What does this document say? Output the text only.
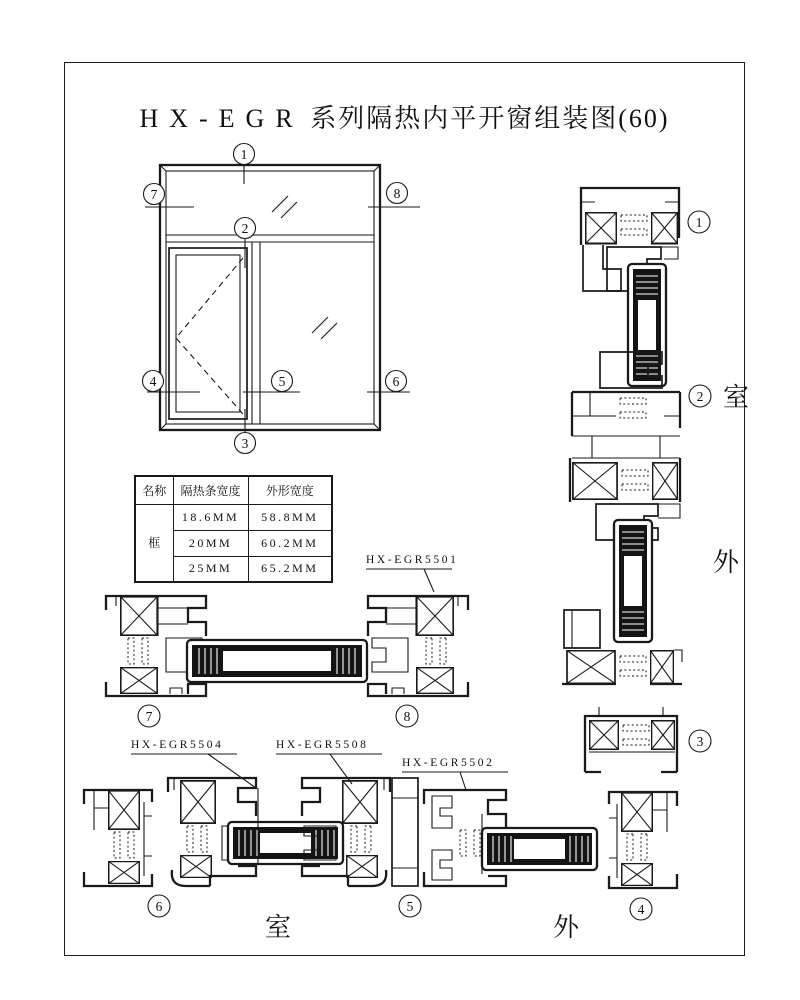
HX-EGR 系列隔热内平开窗组装图(60)
1
7	8
2
4	5	6
3
7	8
HX-EGR5501
HX-EGR5504	HX-EGR5508
HX-EGR5502
6	5	4
室	外
1
2
3
室
外
名称	隔热条宽度	外形宽度
框	18.6MM	58.8MM
	20MM	60.2MM
	25MM	65.2MM
